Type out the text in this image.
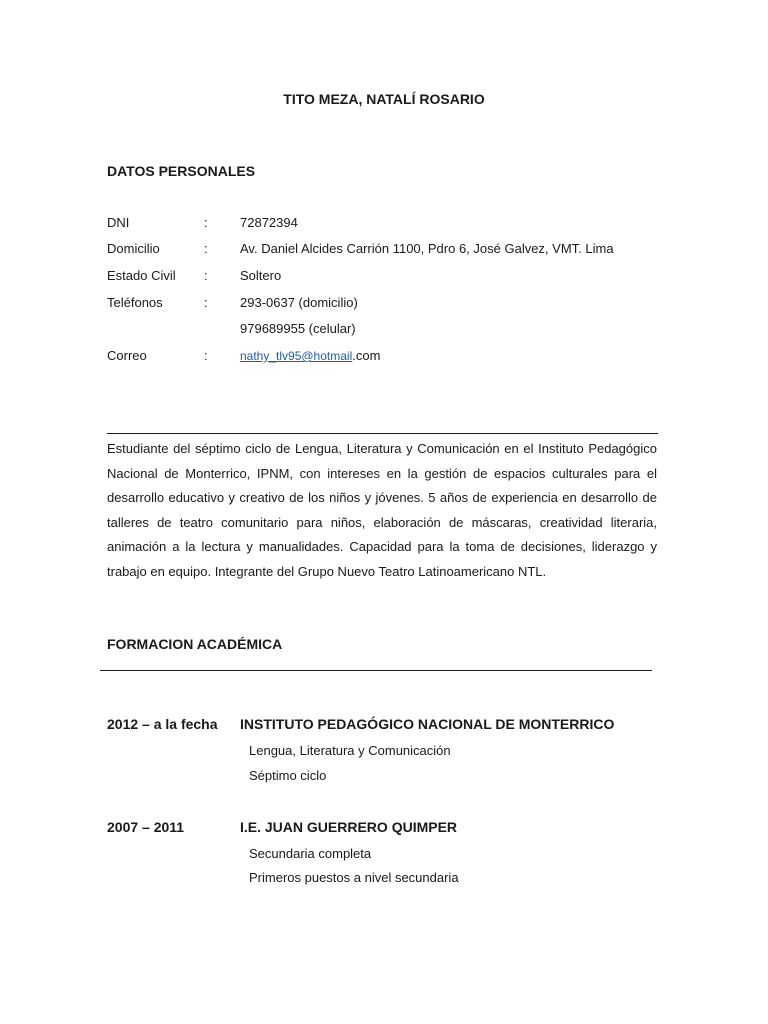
TITO MEZA, NATALÍ ROSARIO
DATOS PERSONALES
DNI	: 72872394
Domicilio	: Av. Daniel Alcides Carrión 1100, Pdro 6, José Galvez, VMT. Lima
Estado Civil : Soltero
Teléfonos	: 293-0637 (domicilio)
979689955 (celular)
Correo	:	nathy_tlv95@hotmail.com
Estudiante del séptimo ciclo de Lengua, Literatura y Comunicación en el Instituto Pedagógico Nacional de Monterrico, IPNM, con intereses en la gestión de espacios culturales para el desarrollo educativo y creativo de los niños y jóvenes. 5 años de experiencia en desarrollo de talleres de teatro comunitario para niños, elaboración de máscaras, creatividad literaria, animación a la lectura y manualidades. Capacidad para la toma de decisiones, liderazgo y trabajo en equipo. Integrante del Grupo Nuevo Teatro Latinoamericano NTL.
FORMACION ACADÉMICA
2012 – a la fecha INSTITUTO PEDAGÓGICO NACIONAL DE MONTERRICO
Lengua, Literatura y Comunicación
Séptimo ciclo
2007 – 2011	I.E. JUAN GUERRERO QUIMPER
Secundaria completa
Primeros puestos a nivel secundaria
